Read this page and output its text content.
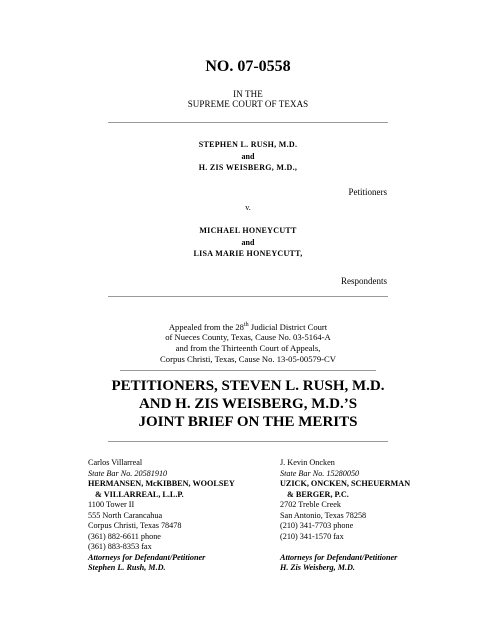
NO. 07-0558
IN THE
SUPREME COURT OF TEXAS
STEPHEN L. RUSH, M.D.
and
H. ZIS WEISBERG, M.D.,
Petitioners
v.
MICHAEL HONEYCUTT
and
LISA MARIE HONEYCUTT,
Respondents
Appealed from the 28th Judicial District Court
of Nueces County, Texas, Cause No. 03-5164-A
and from the Thirteenth Court of Appeals,
Corpus Christi, Texas, Cause No. 13-05-00579-CV
PETITIONERS, STEVEN L. RUSH, M.D.
AND H. ZIS WEISBERG, M.D.’S
JOINT BRIEF ON THE MERITS
Carlos Villarreal
State Bar No. 20581910
HERMANSEN, McKIBBEN, WOOLSEY
& VILLARREAL, L.L.P.
1100 Tower II
555 North Carancahua
Corpus Christi, Texas 78478
(361) 882-6611 phone
(361) 883-8353 fax
Attorneys for Defendant/Petitioner
Stephen L. Rush, M.D.
J. Kevin Oncken
State Bar No. 15280050
UZICK, ONCKEN, SCHEUERMAN
& BERGER, P.C.
2702 Treble Creek
San Antonio, Texas 78258
(210) 341-7703 phone
(210) 341-1570 fax
Attorneys for Defendant/Petitioner
H. Zis Weisberg, M.D.
